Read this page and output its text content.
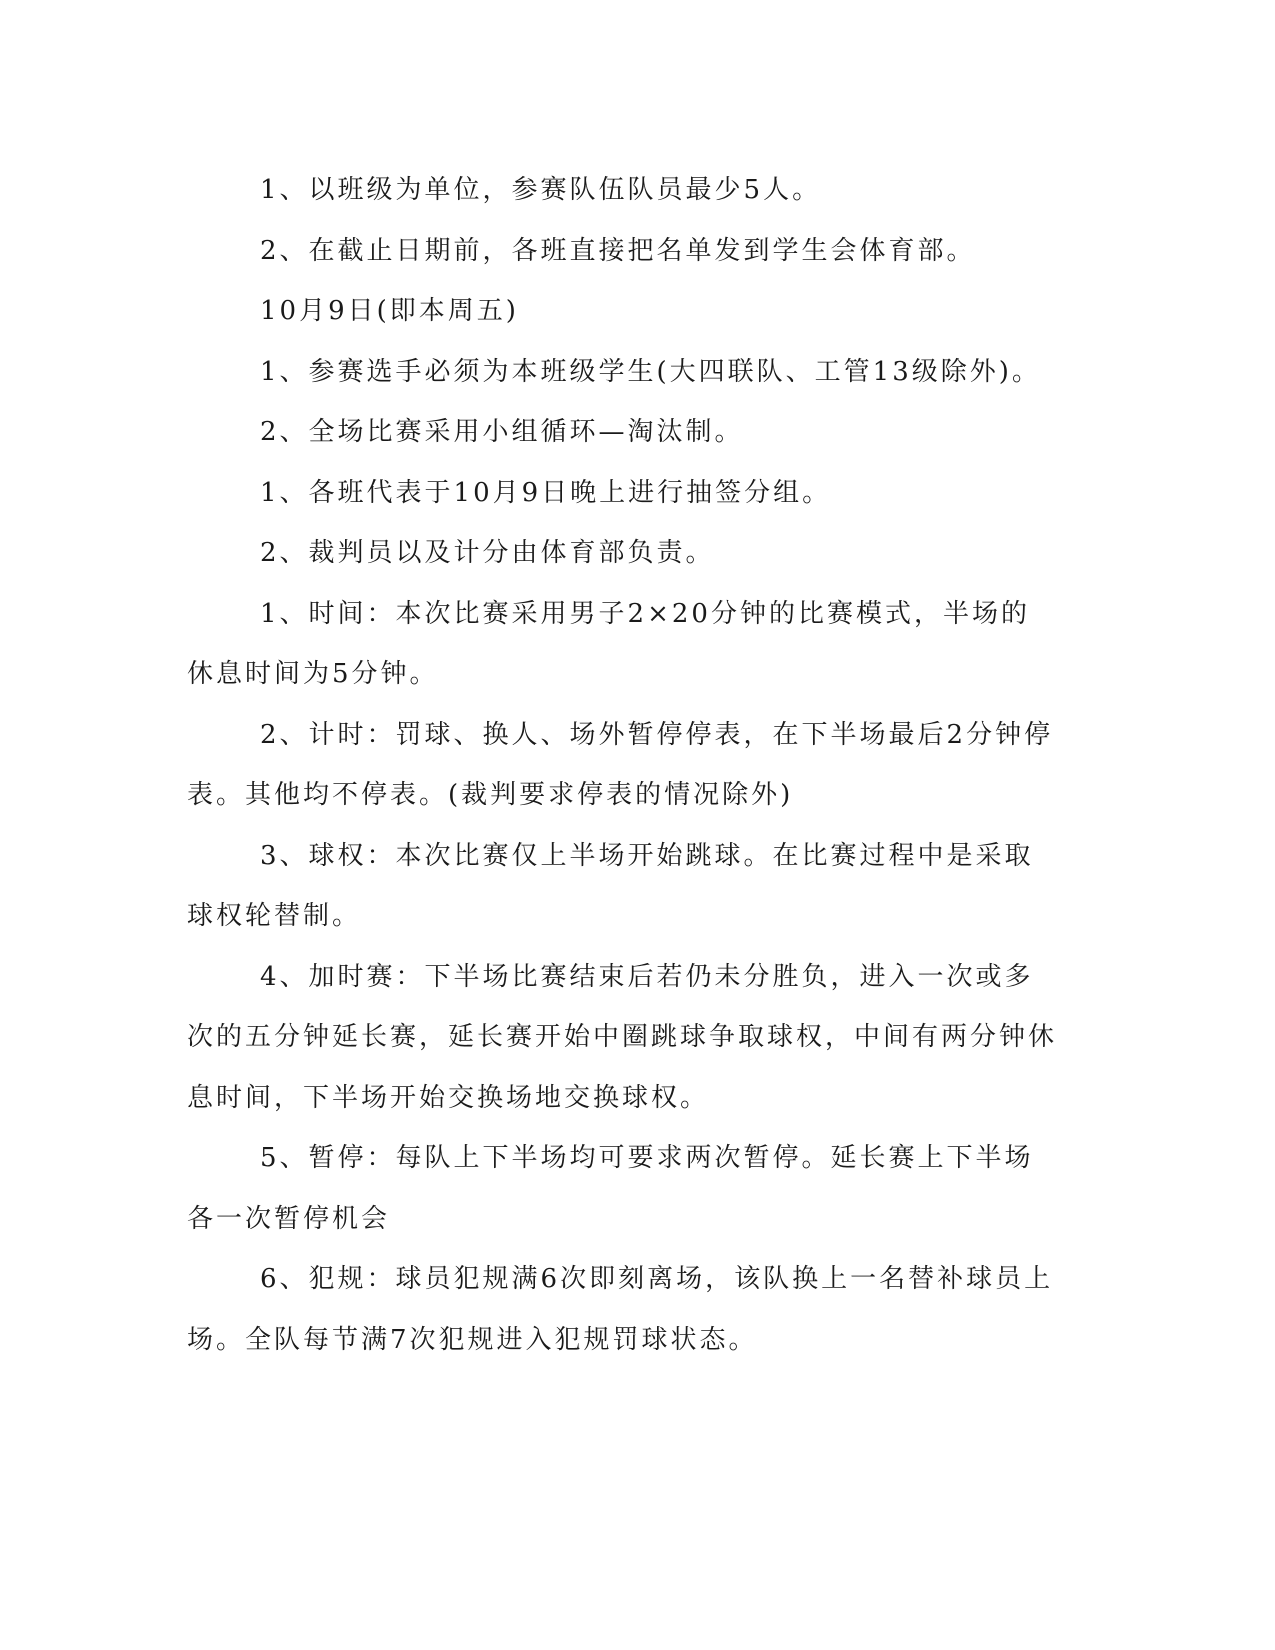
1、以班级为单位，参赛队伍队员最少5人。

2、在截止日期前，各班直接把名单发到学生会体育部。

10月9日(即本周五)

1、参赛选手必须为本班级学生(大四联队、工管13级除外)。

2、全场比赛采用小组循环—淘汰制。

1、各班代表于10月9日晚上进行抽签分组。

2、裁判员以及计分由体育部负责。

1、时间：本次比赛采用男子2×20分钟的比赛模式，半场的休息时间为5分钟。

2、计时：罚球、换人、场外暂停停表，在下半场最后2分钟停表。其他均不停表。(裁判要求停表的情况除外)

3、球权：本次比赛仅上半场开始跳球。在比赛过程中是采取球权轮替制。

4、加时赛：下半场比赛结束后若仍未分胜负，进入一次或多次的五分钟延长赛，延长赛开始中圈跳球争取球权，中间有两分钟休息时间，下半场开始交换场地交换球权。

5、暂停：每队上下半场均可要求两次暂停。延长赛上下半场各一次暂停机会

6、犯规：球员犯规满6次即刻离场，该队换上一名替补球员上场。全队每节满7次犯规进入犯规罚球状态。
